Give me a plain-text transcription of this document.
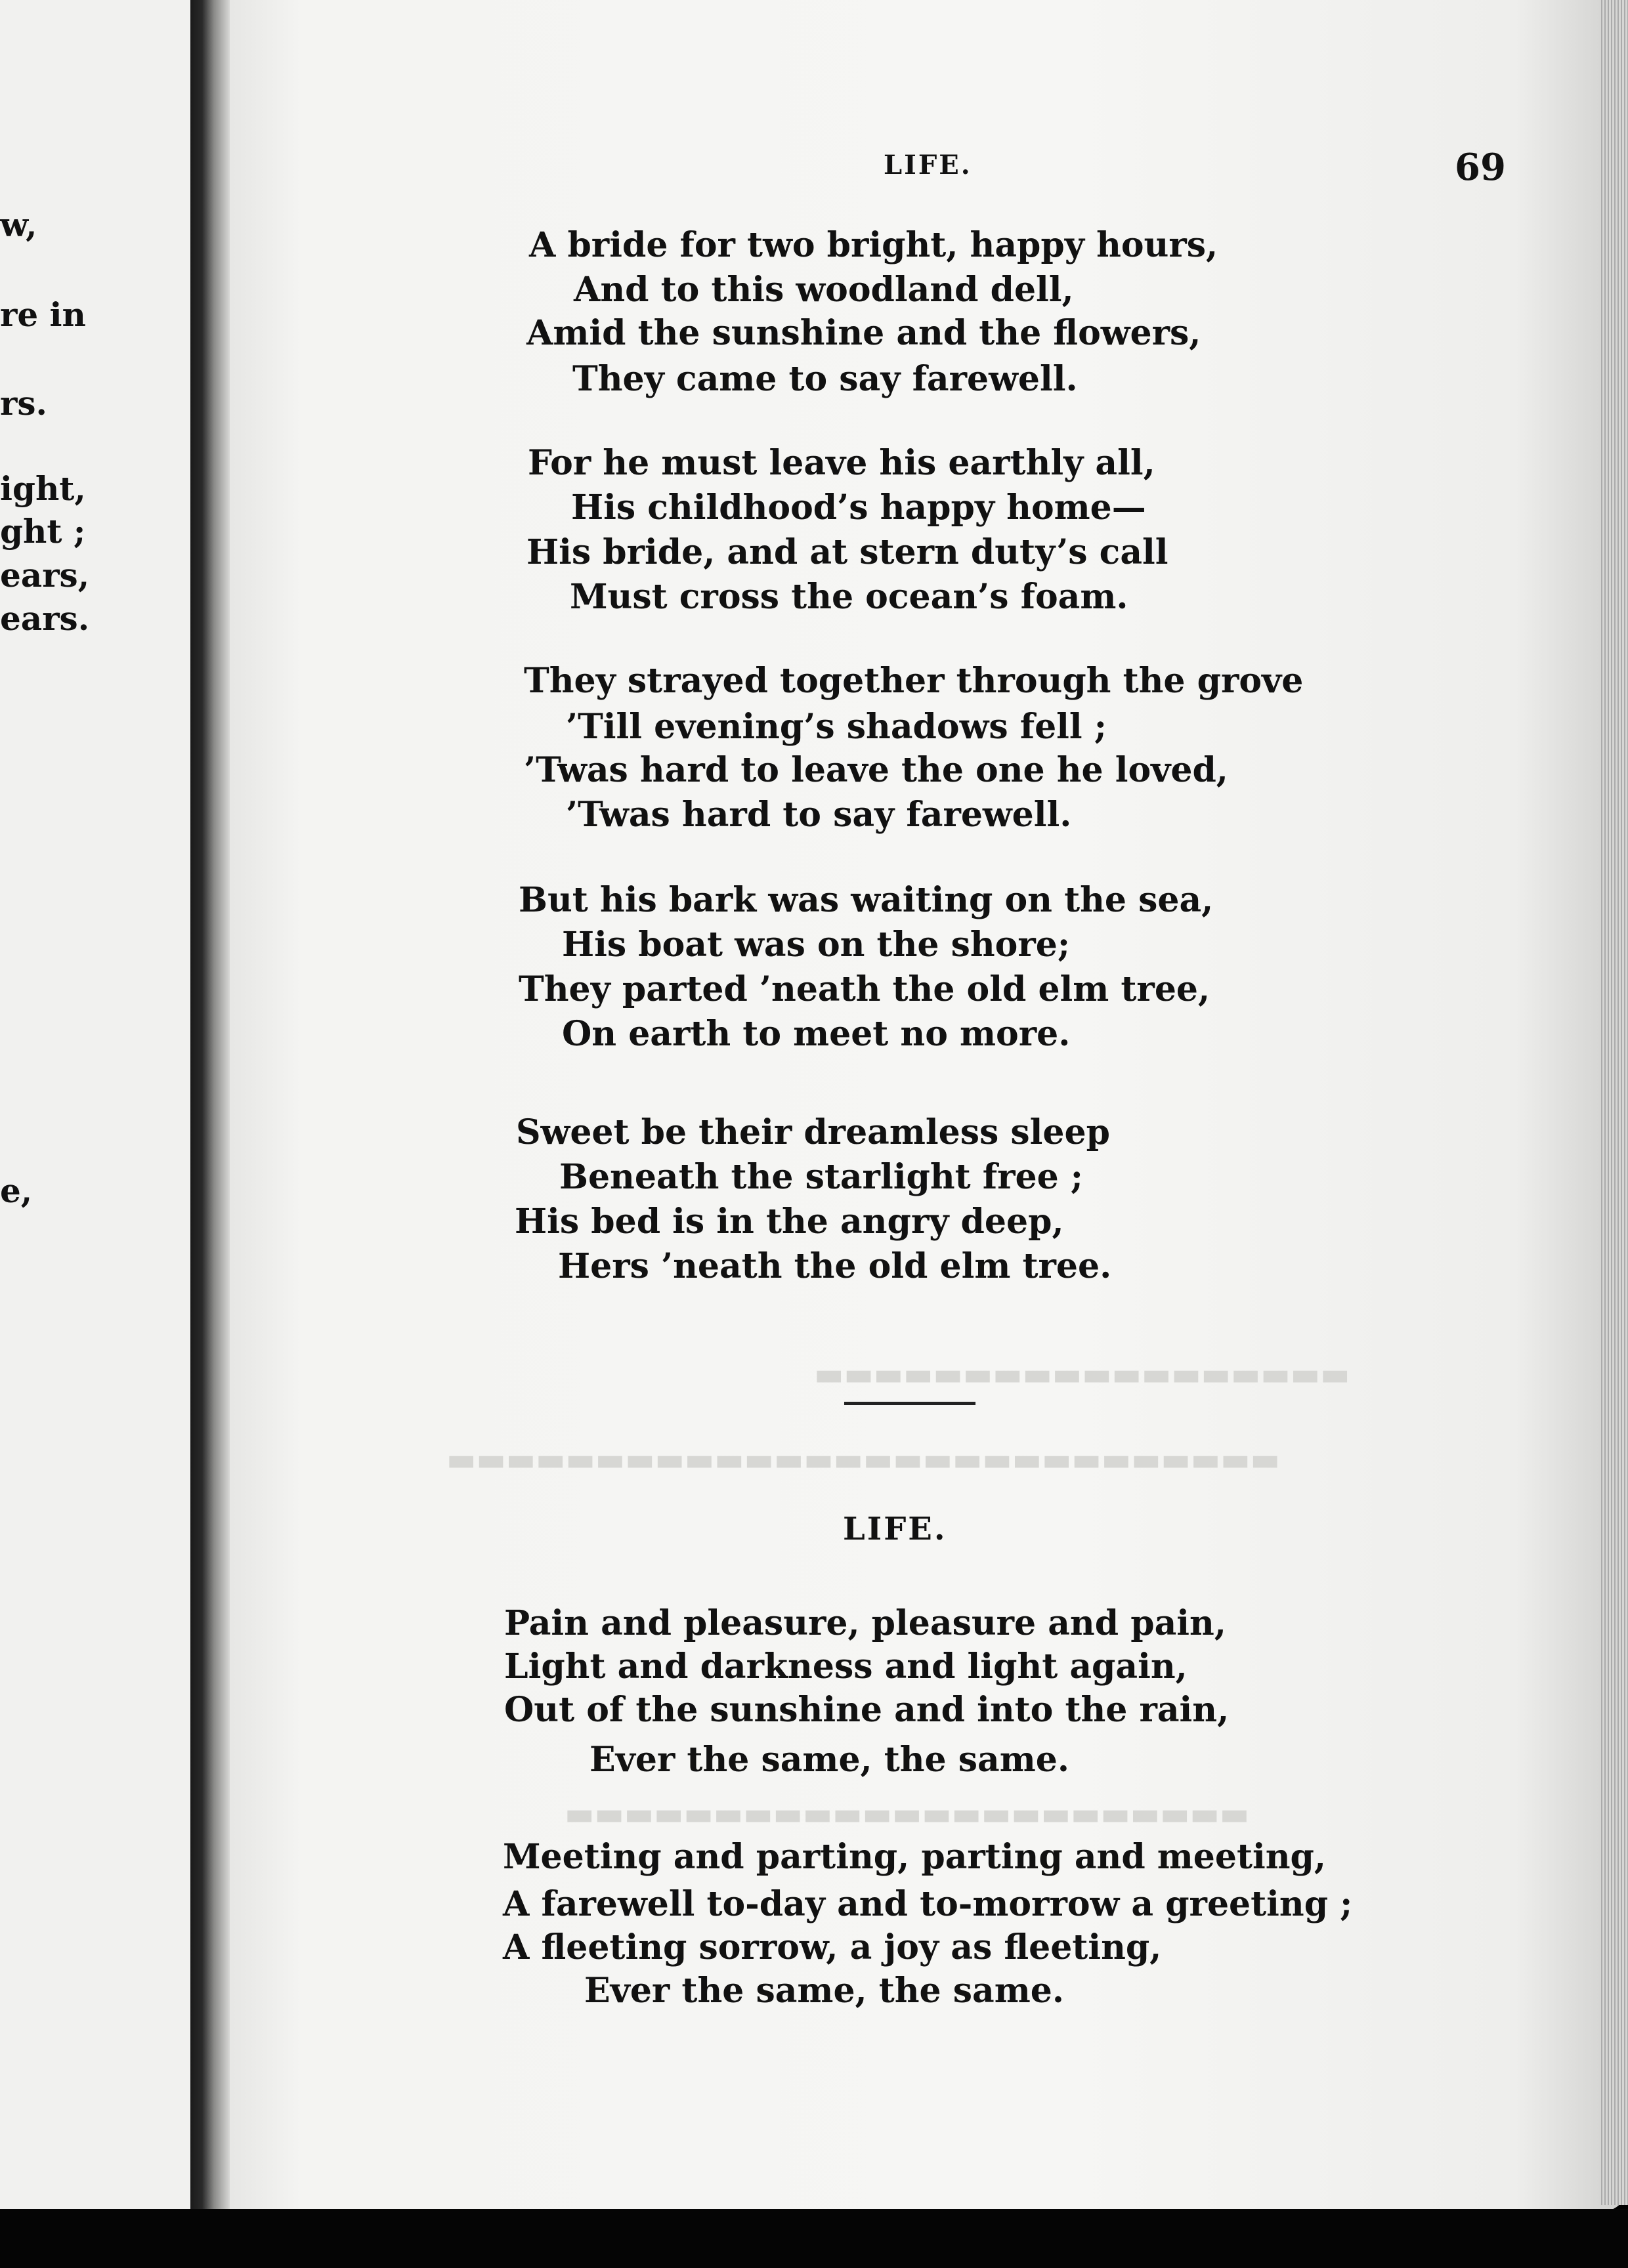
▬▬▬▬▬▬▬▬▬▬▬▬▬▬▬▬▬▬
▬▬▬▬▬▬▬▬▬▬▬▬▬▬▬▬▬▬▬▬▬▬▬▬▬▬▬▬
▬▬▬▬▬▬▬▬▬▬▬▬▬▬▬▬▬▬▬▬▬▬▬
w,
re in
rs.
ight,
ght ;
ears,
ears.
e,
LIFE.	69
A bride for two bright, happy hours,
And to this woodland dell,
Amid the sunshine and the flowers,
They came to say farewell.
For he must leave his earthly all,
His childhood’s happy home—
His bride, and at stern duty’s call
Must cross the ocean’s foam.
They strayed together through the grove
’Till evening’s shadows fell ;
’Twas hard to leave the one he loved,
’Twas hard to say farewell.
But his bark was waiting on the sea,
His boat was on the shore;
They parted ’neath the old elm tree,
On earth to meet no more.
Sweet be their dreamless sleep
Beneath the starlight free ;
His bed is in the angry deep,
Hers ’neath the old elm tree.
LIFE.
Pain and pleasure, pleasure and pain,
Light and darkness and light again,
Out of the sunshine and into the rain,
Ever the same, the same.
Meeting and parting, parting and meeting,
A farewell to-day and to-morrow a greeting ;
A fleeting sorrow, a joy as fleeting,
Ever the same, the same.
